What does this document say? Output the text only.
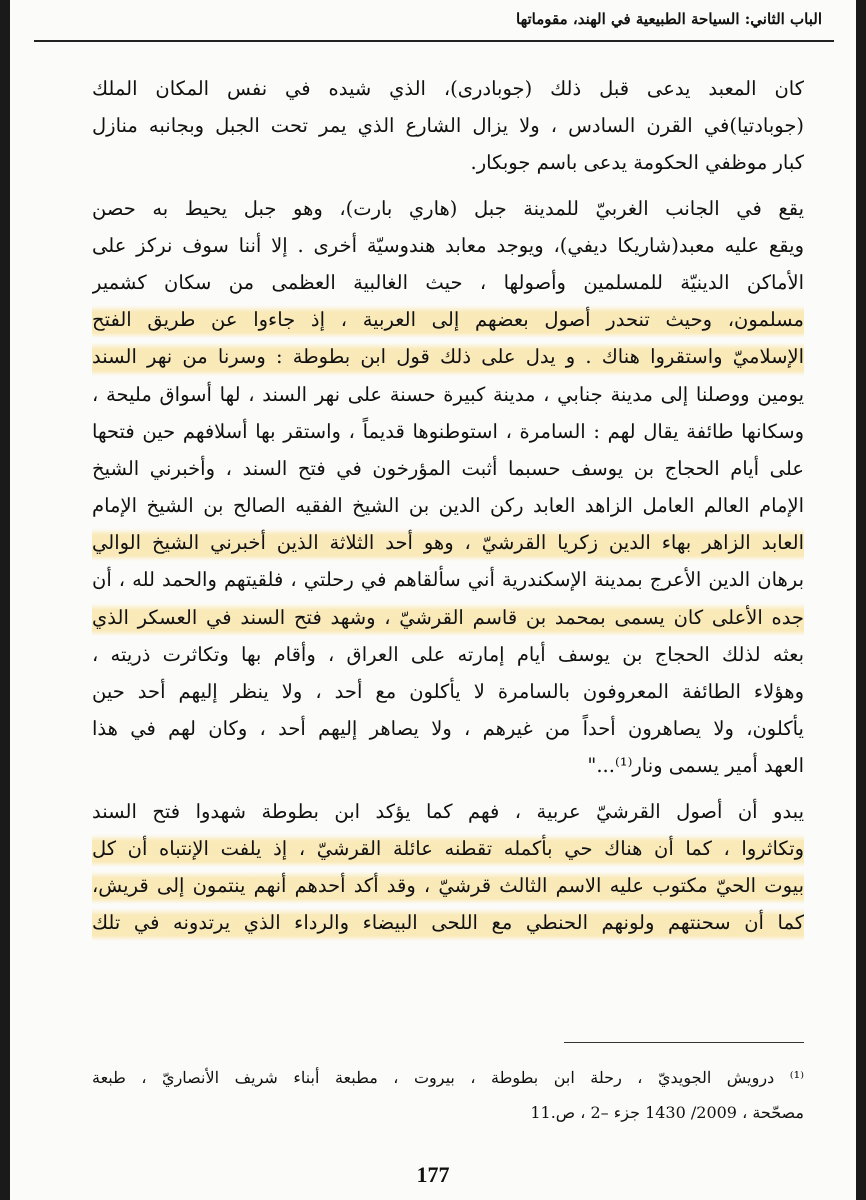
الباب الثاني: السياحة الطبيعية في الهند، مقوماتها
كان المعبد يدعى قبل ذلك (جوبادرى)، الذي شيده في نفس المكان الملك
(جوبادتيا)في القرن السادس ، ولا يزال الشارع الذي يمر تحت الجبل وبجانبه منازل
كبار موظفي الحكومة يدعى باسم جوبكار.
يقع في الجانب الغربيّ للمدينة جبل (هاري بارت)، وهو جبل يحيط به حصن
ويقع عليه معبد(شاريكا ديفي)، ويوجد معابد هندوسيّة أخرى . إلا أننا سوف نركز على
الأماكن الدينيّة للمسلمين وأصولها ، حيث الغالبية العظمى من سكان كشمير
مسلمون، وحيث تنحدر أصول بعضهم إلى العربية ، إذ جاءوا عن طريق الفتح
الإسلاميّ واستقروا هناك . و يدل على ذلك قول ابن بطوطة : وسرنا من نهر السند
يومين ووصلنا إلى مدينة جنابي ، مدينة كبيرة حسنة على نهر السند ، لها أسواق مليحة ،
وسكانها طائفة يقال لهم : السامرة ، استوطنوها قديماً ، واستقر بها أسلافهم حين فتحها
على أيام الحجاج بن يوسف حسبما أثبت المؤرخون في فتح السند ، وأخبرني الشيخ
الإمام العالم العامل الزاهد العابد ركن الدين بن الشيخ الفقيه الصالح بن الشيخ الإمام
العابد الزاهر بهاء الدين زكريا القرشيّ ، وهو أحد الثلاثة الذين أخبرني الشيخ الوالي
برهان الدين الأعرج بمدينة الإسكندرية أني سألقاهم في رحلتي ، فلقيتهم والحمد لله ، أن
جده الأعلى كان يسمى بمحمد بن قاسم القرشيّ ، وشهد فتح السند في العسكر الذي
بعثه لذلك الحجاج بن يوسف أيام إمارته على العراق ، وأقام بها وتكاثرت ذريته ،
وهؤلاء الطائفة المعروفون بالسامرة لا يأكلون مع أحد ، ولا ينظر إليهم أحد حين
يأكلون، ولا يصاهرون أحداً من غيرهم ، ولا يصاهر إليهم أحد ، وكان لهم في هذا
العهد أمير يسمى ونار⁽¹⁾..."
يبدو أن أصول القرشيّ عربية ، فهم كما يؤكد ابن بطوطة شهدوا فتح السند
وتكاثروا ، كما أن هناك حي بأكمله تقطنه عائلة القرشيّ ، إذ يلفت الإنتباه أن كل
بيوت الحيّ مكتوب عليه الاسم الثالث قرشيّ ، وقد أكد أحدهم أنهم ينتمون إلى قريش،
كما أن سحنتهم ولونهم الحنطي مع اللحى البيضاء والرداء الذي يرتدونه في تلك
⁽¹⁾ درويش الجويديّ ، رحلة ابن بطوطة ، بيروت ، مطبعة أبناء شريف الأنصاريّ ، طبعة
مصحّحة ، 2009/ 1430 جزء –2 ، ص.11
177
